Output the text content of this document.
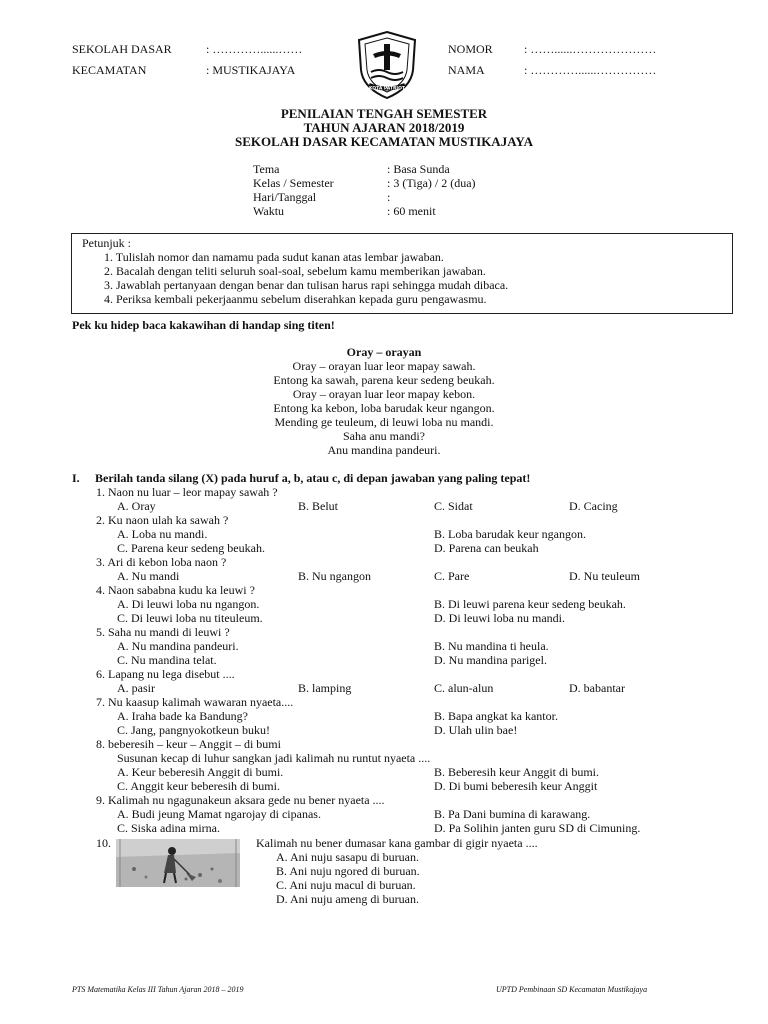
SEKOLAH DASAR	: …………......……
KECAMATAN	: MUSTIKAJAYA
NOMOR	: ……......…………………
NAMA	: …………......……………
KOTA PATRIOT
PENILAIAN TENGAH SEMESTER
TAHUN AJARAN 2018/2019
SEKOLAH DASAR KECAMATAN MUSTIKAJAYA
Tema	: Basa Sunda
Kelas / Semester	: 3 (Tiga) / 2 (dua)
Hari/Tanggal	:
Waktu	: 60 menit
Petunjuk :
1. Tulislah nomor dan namamu pada sudut kanan atas lembar jawaban.
2. Bacalah dengan teliti seluruh soal-soal, sebelum kamu memberikan jawaban.
3. Jawablah pertanyaan dengan benar dan tulisan harus rapi sehingga mudah dibaca.
4. Periksa kembali pekerjaanmu sebelum diserahkan kepada guru pengawasmu.
Pek ku hidep baca kakawihan di handap sing titen!
Oray – orayan
Oray – orayan luar leor mapay sawah.
Entong ka sawah, parena keur sedeng beukah.
Oray – orayan luar leor mapay kebon.
Entong ka kebon, loba barudak keur ngangon.
Mending ge teuleum, di leuwi loba nu mandi.
Saha anu mandi?
Anu mandina pandeuri.
I. Berilah tanda silang (X) pada huruf a, b, atau c, di depan jawaban yang paling tepat!
1. Naon nu luar – leor mapay sawah ?
A. Oray	B. Belut	C. Sidat	D. Cacing
2. Ku naon ulah ka sawah ?
A. Loba nu mandi.	B. Loba barudak keur ngangon.
C. Parena keur sedeng beukah.	D. Parena can beukah
3. Ari di kebon loba naon ?
A. Nu mandi	B. Nu ngangon	C. Pare	D. Nu teuleum
4. Naon sababna kudu ka leuwi ?
A. Di leuwi loba nu ngangon.	B. Di leuwi parena keur sedeng beukah.
C. Di leuwi loba nu titeuleum.	D. Di leuwi loba nu mandi.
5. Saha nu mandi di leuwi ?
A. Nu mandina pandeuri.	B. Nu mandina ti heula.
C. Nu mandina telat.	D. Nu mandina parigel.
6. Lapang nu lega disebut ....
A. pasir	B. lamping	C. alun-alun	D. babantar
7. Nu kaasup kalimah wawaran nyaeta....
A. Iraha bade ka Bandung?	B. Bapa angkat ka kantor.
C. Jang, pangnyokotkeun buku!	D. Ulah ulin bae!
8. beberesih – keur – Anggit – di bumi
Susunan kecap di luhur sangkan jadi kalimah nu runtut nyaeta ....
A. Keur beberesih Anggit di bumi.	B. Beberesih keur Anggit di bumi.
C. Anggit keur beberesih di bumi.	D. Di bumi beberesih keur Anggit
9. Kalimah nu ngagunakeun aksara gede nu bener nyaeta ....
A. Budi jeung Mamat ngarojay di cipanas.	B. Pa Dani bumina di karawang.
C. Siska adina mirna.	D. Pa Solihin janten guru SD di Cimuning.
10.	Kalimah nu bener dumasar kana gambar di gigir nyaeta ....
A. Ani nuju sasapu di buruan.
B. Ani nuju ngored di buruan.
C. Ani nuju macul di buruan.
D. Ani nuju ameng di buruan.
PTS Matematika Kelas III Tahun Ajaran 2018 – 2019	UPTD Pembinaan SD Kecamatan Mustikajaya
